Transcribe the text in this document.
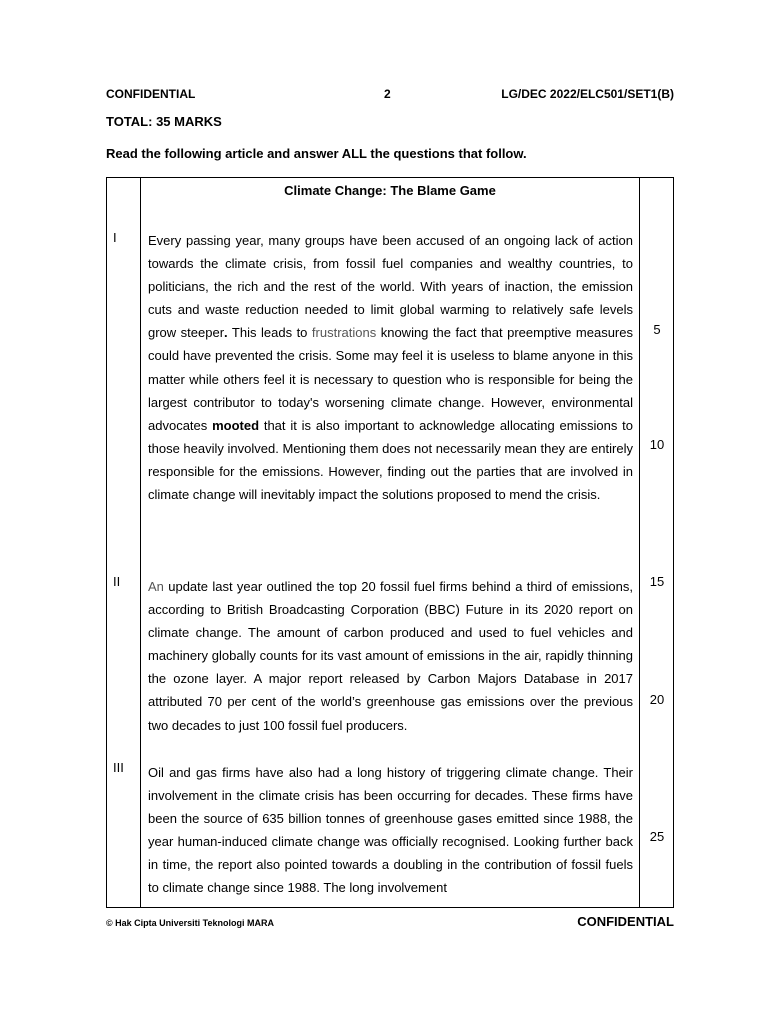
CONFIDENTIAL	2	LG/DEC 2022/ELC501/SET1(B)
TOTAL: 35 MARKS
Read the following article and answer ALL the questions that follow.
Climate Change: The Blame Game
I
II
III
5
10
15
20
25

Every passing year, many groups have been accused of an ongoing lack of action towards the climate crisis, from fossil fuel companies and wealthy countries, to politicians, the rich and the rest of the world. With years of inaction, the emission cuts and waste reduction needed to limit global warming to relatively safe levels grow steeper. This leads to frustrations knowing the fact that preemptive measures could have prevented the crisis. Some may feel it is useless to blame anyone in this matter while others feel it is necessary to question who is responsible for being the largest contributor to today's worsening climate change. However, environmental advocates mooted that it is also important to acknowledge allocating emissions to those heavily involved. Mentioning them does not necessarily mean they are entirely responsible for the emissions. However, finding out the parties that are involved in climate change will inevitably impact the solutions proposed to mend the crisis.

An update last year outlined the top 20 fossil fuel firms behind a third of emissions, according to British Broadcasting Corporation (BBC) Future in its 2020 report on climate change. The amount of carbon produced and used to fuel vehicles and machinery globally counts for its vast amount of emissions in the air, rapidly thinning the ozone layer. A major report released by Carbon Majors Database in 2017 attributed 70 per cent of the world’s greenhouse gas emissions over the previous two decades to just 100 fossil fuel producers.

Oil and gas firms have also had a long history of triggering climate change. Their involvement in the climate crisis has been occurring for decades. These firms have been the source of 635 billion tonnes of greenhouse gases emitted since 1988, the year human-induced climate change was officially recognised. Looking further back in time, the report also pointed towards a doubling in the contribution of fossil fuels to climate change since 1988. The long involvement

© Hak Cipta Universiti Teknologi MARA	CONFIDENTIAL
